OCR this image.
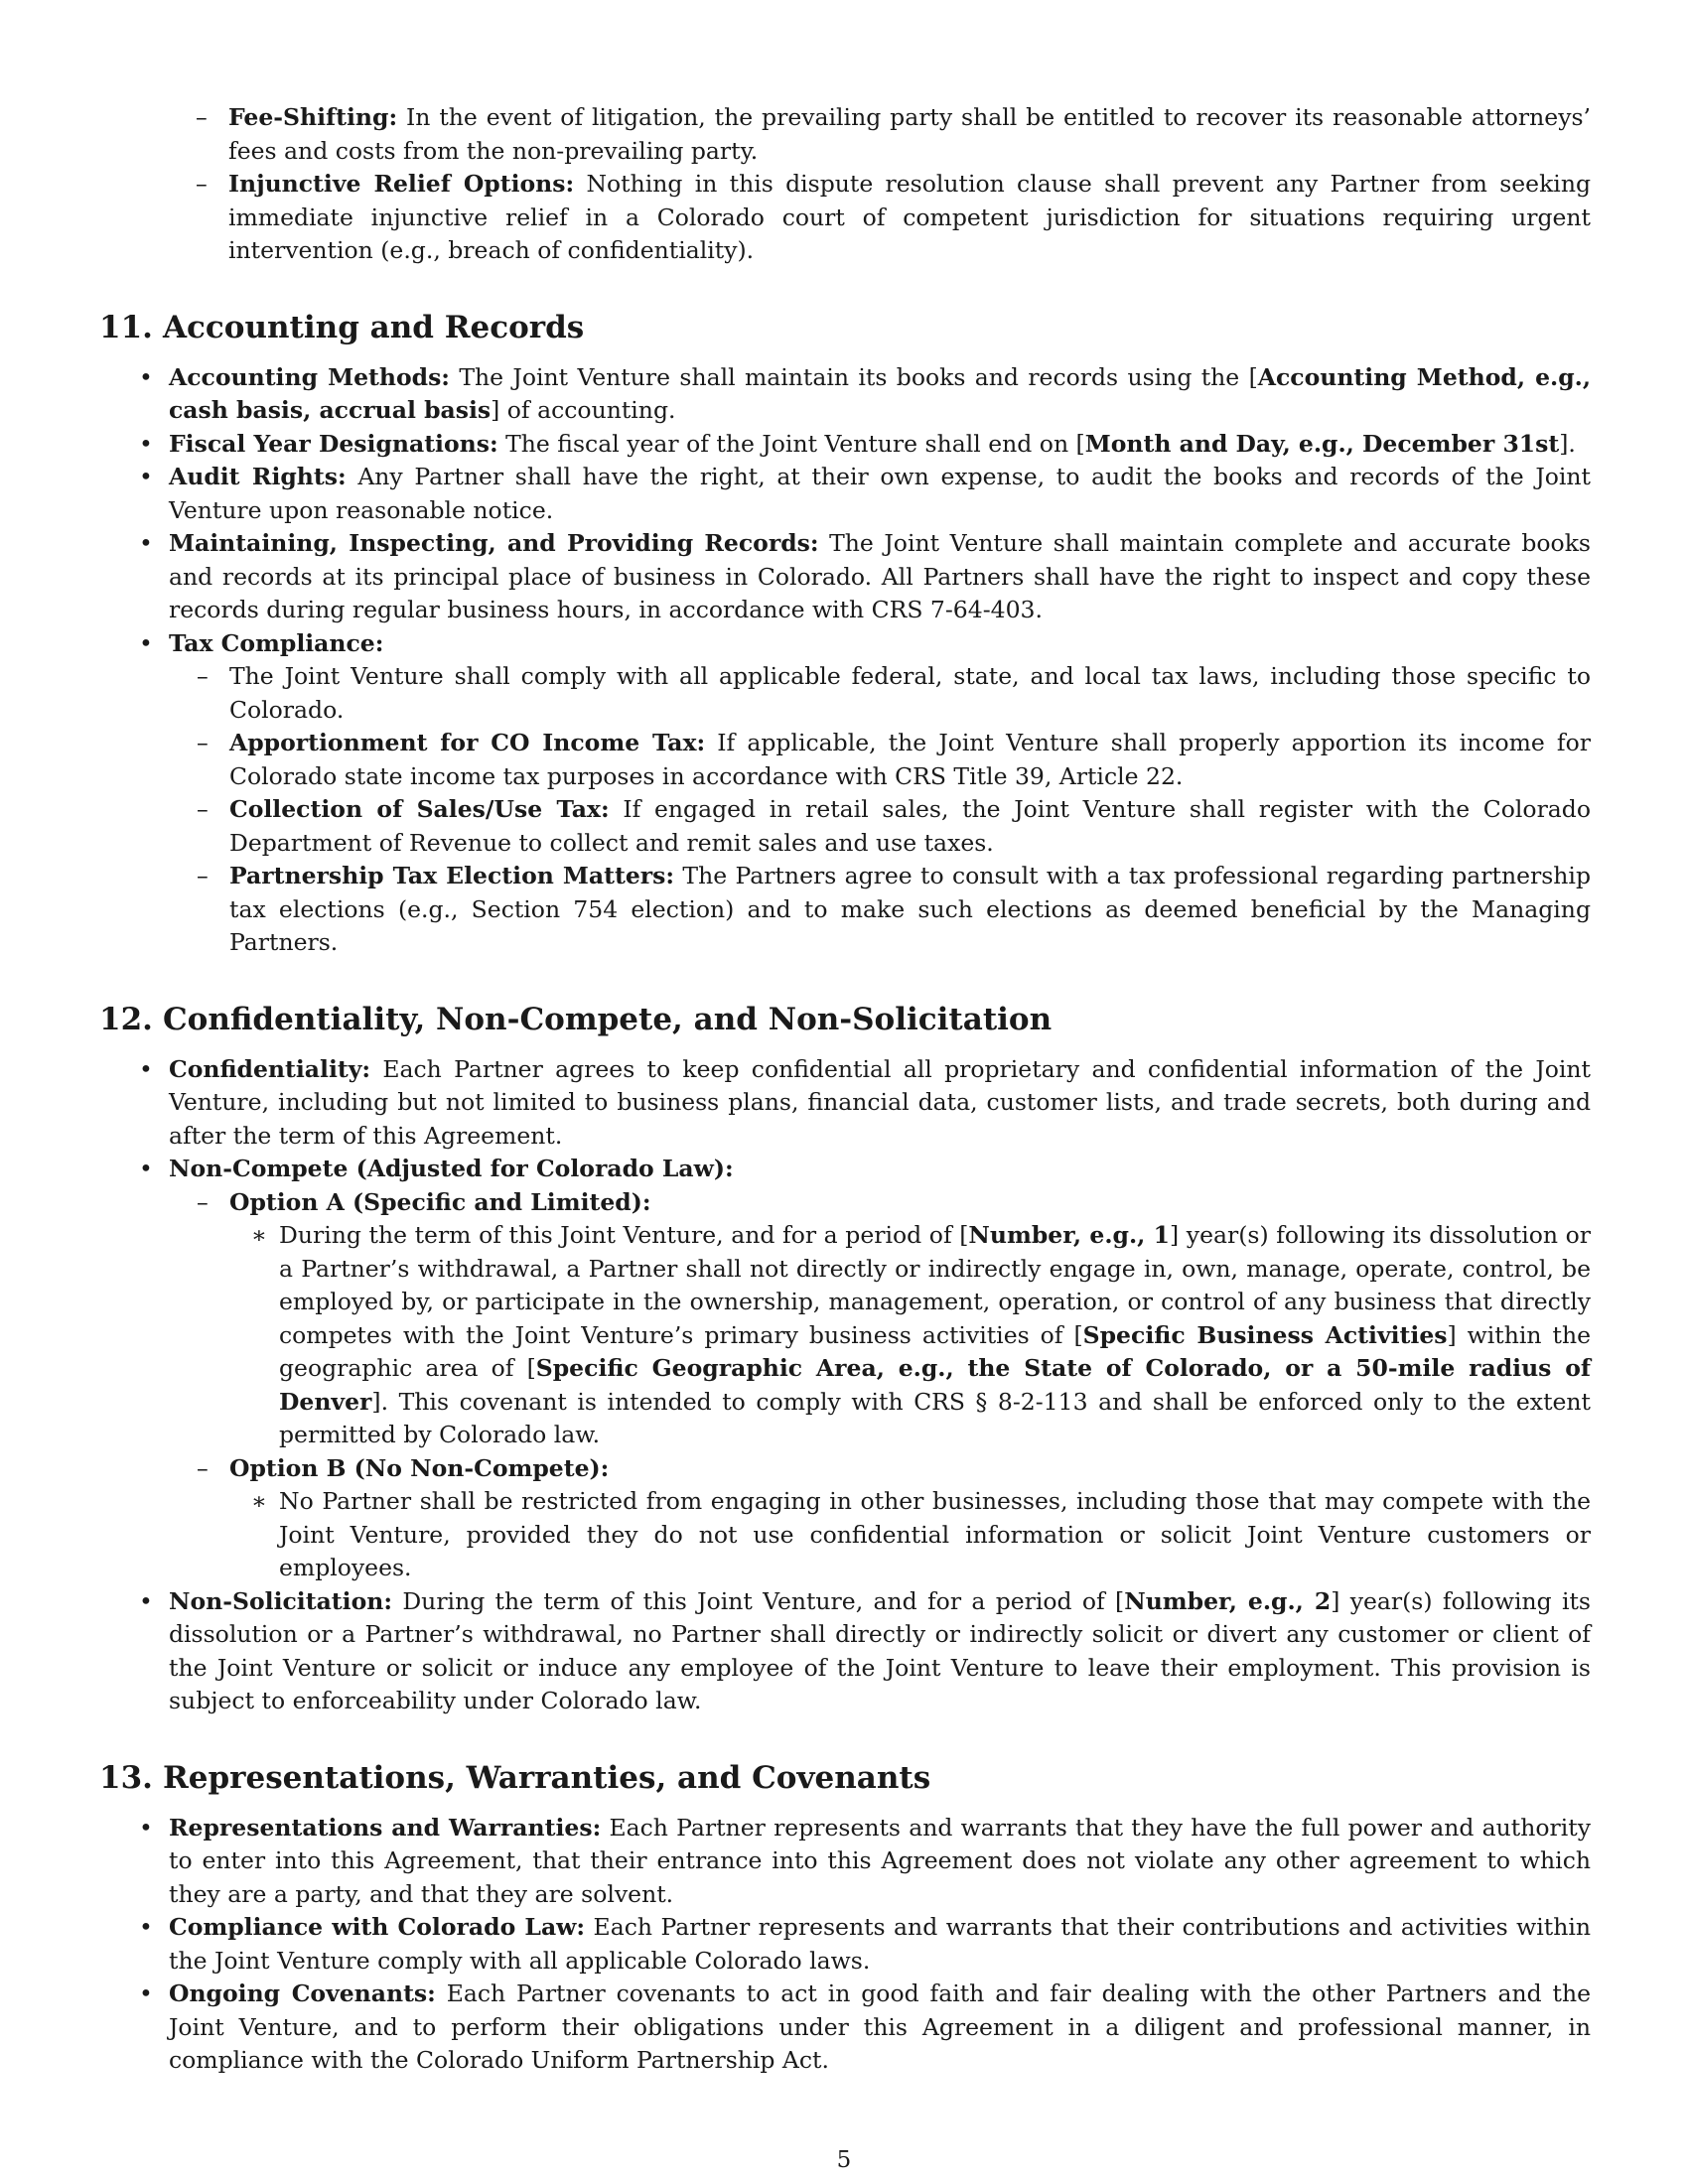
– Fee-Shifting: In the event of litigation, the prevailing party shall be entitled to recover its reasonable attorneys’ fees and costs from the non-prevailing party.
– Injunctive Relief Options: Nothing in this dispute resolution clause shall prevent any Partner from seeking immediate injunctive relief in a Colorado court of competent jurisdiction for situations requiring urgent intervention (e.g., breach of confidentiality).
11. Accounting and Records
• Accounting Methods: The Joint Venture shall maintain its books and records using the [Accounting Method, e.g., cash basis, accrual basis] of accounting.
• Fiscal Year Designations: The fiscal year of the Joint Venture shall end on [Month and Day, e.g., December 31st].
• Audit Rights: Any Partner shall have the right, at their own expense, to audit the books and records of the Joint Venture upon reasonable notice.
• Maintaining, Inspecting, and Providing Records: The Joint Venture shall maintain complete and accurate books and records at its principal place of business in Colorado. All Partners shall have the right to inspect and copy these records during regular business hours, in accordance with CRS 7-64-403.
• Tax Compliance:
– The Joint Venture shall comply with all applicable federal, state, and local tax laws, including those specific to Colorado.
– Apportionment for CO Income Tax: If applicable, the Joint Venture shall properly apportion its income for Colorado state income tax purposes in accordance with CRS Title 39, Article 22.
– Collection of Sales/Use Tax: If engaged in retail sales, the Joint Venture shall register with the Colorado Department of Revenue to collect and remit sales and use taxes.
– Partnership Tax Election Matters: The Partners agree to consult with a tax professional regarding partnership tax elections (e.g., Section 754 election) and to make such elections as deemed beneficial by the Managing Partners.
12. Confidentiality, Non-Compete, and Non-Solicitation
• Confidentiality: Each Partner agrees to keep confidential all proprietary and confidential information of the Joint Venture, including but not limited to business plans, financial data, customer lists, and trade secrets, both during and after the term of this Agreement.
• Non-Compete (Adjusted for Colorado Law):
– Option A (Specific and Limited):
∗ During the term of this Joint Venture, and for a period of [Number, e.g., 1] year(s) following its dissolution or a Partner’s withdrawal, a Partner shall not directly or indirectly engage in, own, manage, operate, control, be employed by, or participate in the ownership, management, operation, or control of any business that directly competes with the Joint Venture’s primary business activities of [Specific Business Activities] within the geographic area of [Specific Geographic Area, e.g., the State of Colorado, or a 50-mile radius of Denver]. This covenant is intended to comply with CRS § 8-2-113 and shall be enforced only to the extent permitted by Colorado law.
– Option B (No Non-Compete):
∗ No Partner shall be restricted from engaging in other businesses, including those that may compete with the Joint Venture, provided they do not use confidential information or solicit Joint Venture customers or employees.
• Non-Solicitation: During the term of this Joint Venture, and for a period of [Number, e.g., 2] year(s) following its dissolution or a Partner’s withdrawal, no Partner shall directly or indirectly solicit or divert any customer or client of the Joint Venture or solicit or induce any employee of the Joint Venture to leave their employment. This provision is subject to enforceability under Colorado law.
13. Representations, Warranties, and Covenants
• Representations and Warranties: Each Partner represents and warrants that they have the full power and authority to enter into this Agreement, that their entrance into this Agreement does not violate any other agreement to which they are a party, and that they are solvent.
• Compliance with Colorado Law: Each Partner represents and warrants that their contributions and activities within the Joint Venture comply with all applicable Colorado laws.
• Ongoing Covenants: Each Partner covenants to act in good faith and fair dealing with the other Partners and the Joint Venture, and to perform their obligations under this Agreement in a diligent and professional manner, in compliance with the Colorado Uniform Partnership Act.
5
